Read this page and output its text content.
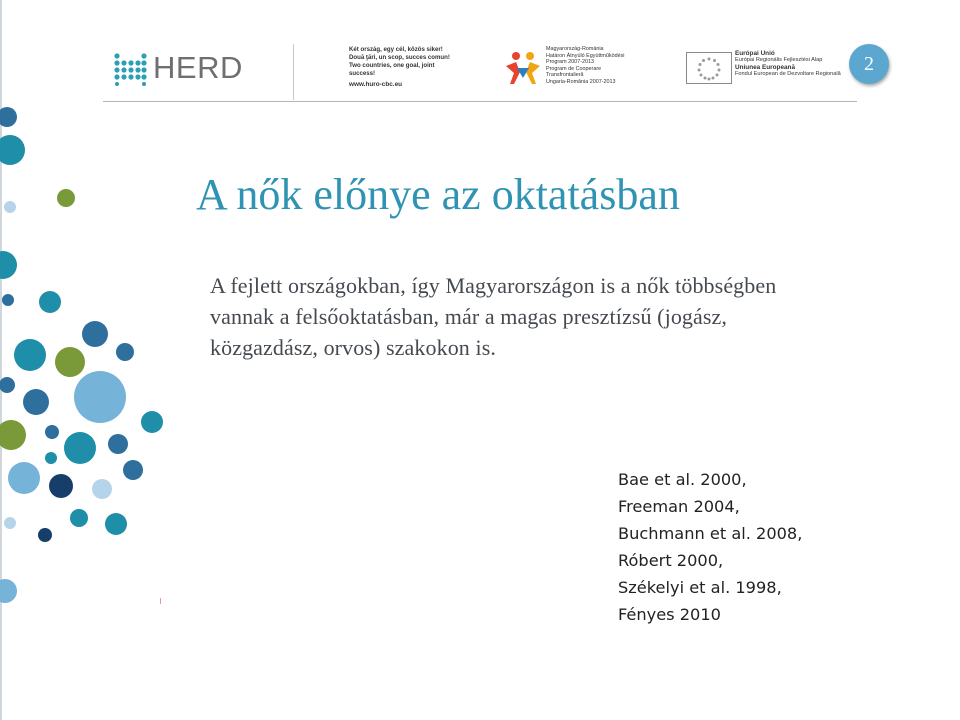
HERD
Két ország, egy cél, közös siker!
Două ţări, un scop, succes comun!
Two countries, one goal, joint success!
www.huro-cbc.eu
Magyarország-Románia
Határon Átnyúló Együttműködési
Program 2007-2013
Program de Cooperare
Transfrontalieră
Ungaria-România 2007-2013
Európai Unió
Európai Regionális Fejlesztési Alap
Uniunea Europeană
Fondul European de Dezvoltare Regională	2
A nők előnye az oktatásban

A fejlett országokban, így Magyarországon is a nők többségben vannak a felsőoktatásban, már a magas presztízsű (jogász, közgazdász, orvos) szakokon is.

Bae et al. 2000,
Freeman 2004,
Buchmann et al. 2008,
Róbert 2000,
Székelyi et al. 1998,
Fényes 2010
